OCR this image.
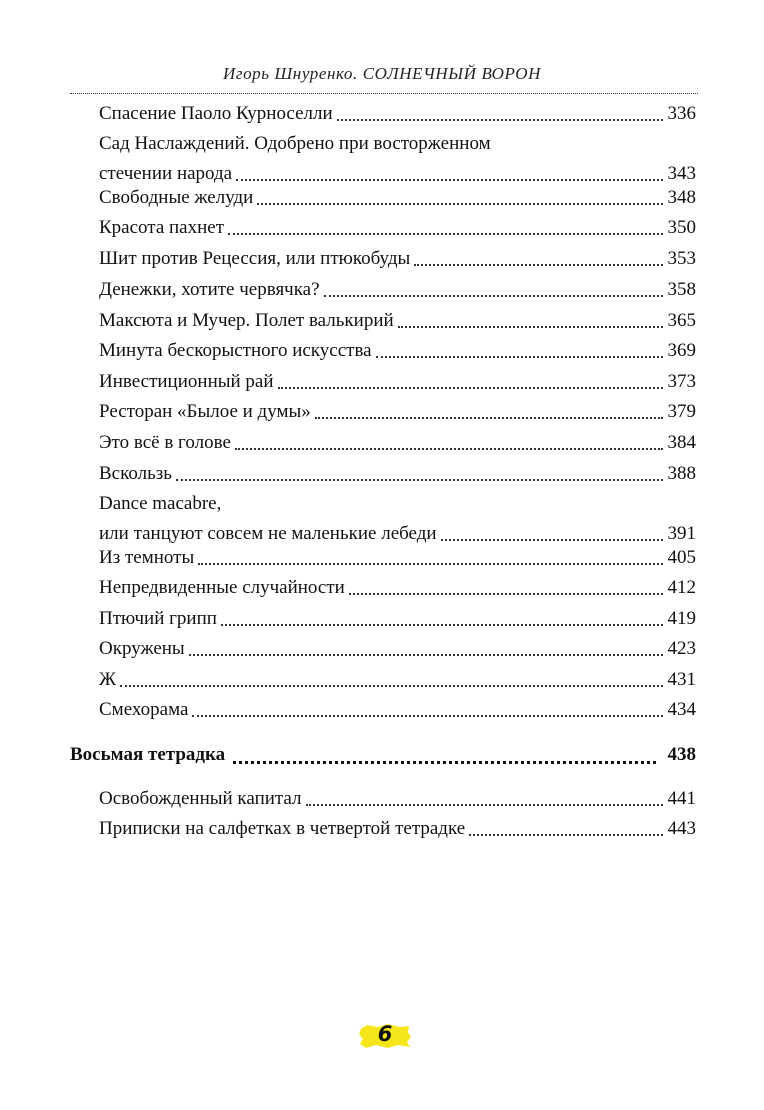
Игорь Шнуренко. СОЛНЕЧНЫЙ ВОРОН
Спасение Паоло Курноселли	336
Сад Наслаждений. Одобрено при восторженном
стечении народа	343
Свободные желуди	348
Красота пахнет	350
Шит против Рецессия, или птюкобуды	353
Денежки, хотите червячка?	358
Максюта и Мучер. Полет валькирий	365
Минута бескорыстного искусства	369
Инвестиционный рай	373
Ресторан «Былое и думы»	379
Это всё в голове	384
Вскользь	388
Dance macabre,
или танцуют совсем не маленькие лебеди	391
Из темноты	405
Непредвиденные случайности	412
Птючий грипп	419
Окружены	423
Ж	431
Смехорама	434
Восьмая тетрадка	438
Освобожденный капитал	441
Приписки на салфетках в четвертой тетрадке	443
6
